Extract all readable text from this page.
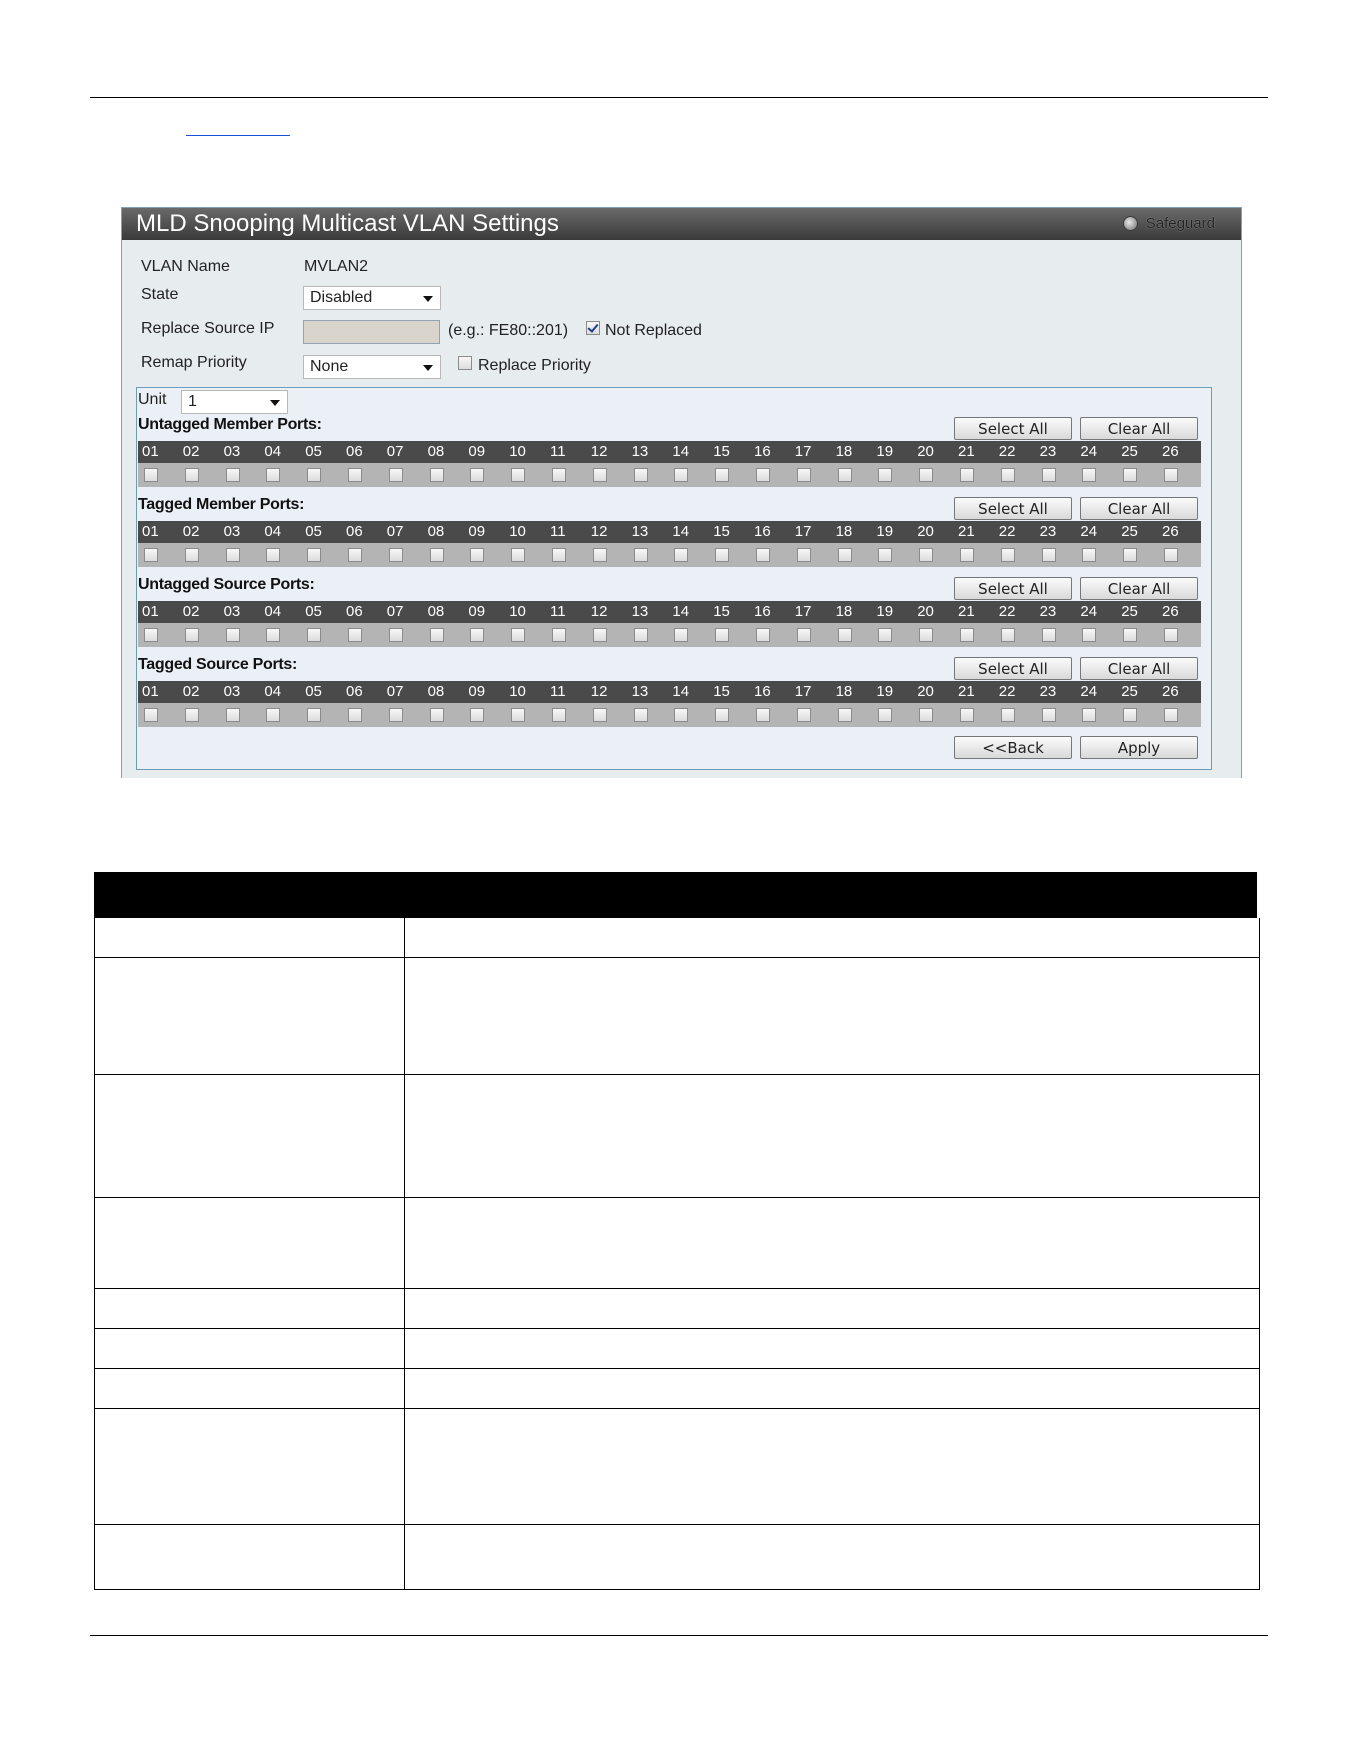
MLD Snooping Multicast VLAN Settings	Safeguard
VLAN Name	MVLAN2
State	Disabled
Replace Source IP	(e.g.: FE80::201) Not Replaced
Remap Priority	None	Replace Priority
Unit	1
Untagged Member Ports:	Select All	Clear All
01 02 03 04 05 06 07 08 09 10 11 12 13 14 15 16 17 18 19 20 21 22 23 24 25 26
Tagged Member Ports:	Select All	Clear All
01 02 03 04 05 06 07 08 09 10 11 12 13 14 15 16 17 18 19 20 21 22 23 24 25 26
Untagged Source Ports:	Select All	Clear All
01 02 03 04 05 06 07 08 09 10 11 12 13 14 15 16 17 18 19 20 21 22 23 24 25 26
Tagged Source Ports:	Select All	Clear All
01 02 03 04 05 06 07 08 09 10 11 12 13 14 15 16 17 18 19 20 21 22 23 24 25 26
<<Back	Apply
